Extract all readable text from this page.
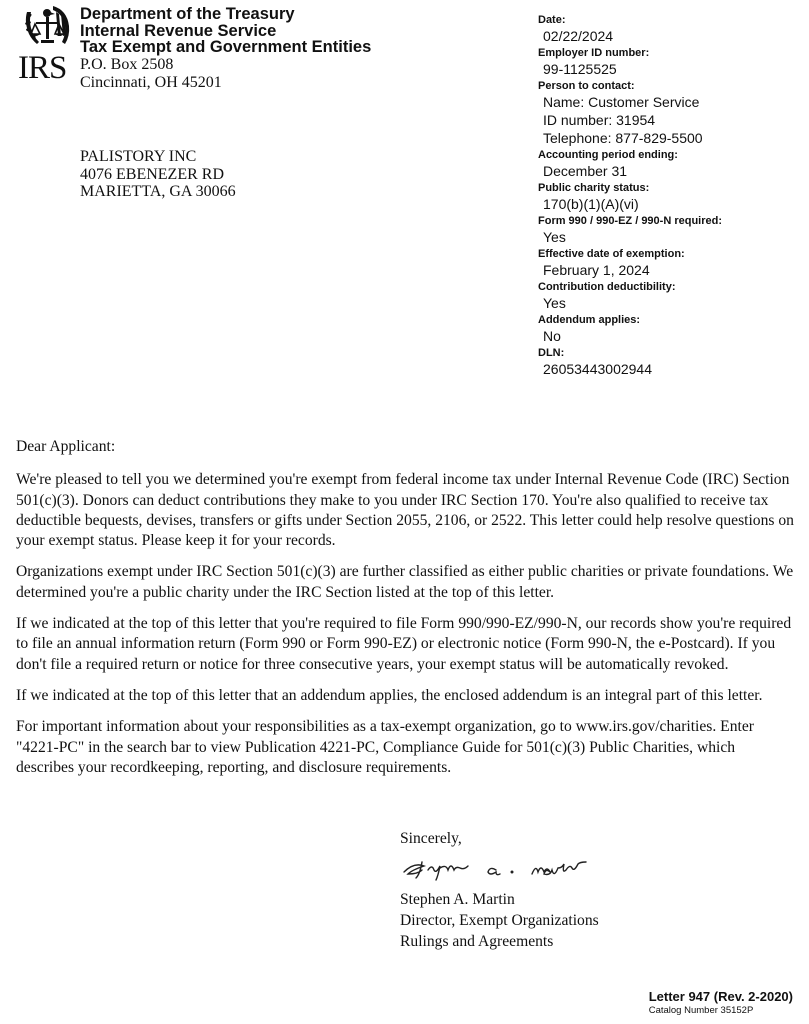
IRS
Department of the Treasury
Internal Revenue Service
Tax Exempt and Government Entities
P.O. Box 2508
Cincinnati, OH 45201
PALISTORY INC
4076 EBENEZER RD
MARIETTA, GA 30066
Date:
02/22/2024
Employer ID number:
99-1125525
Person to contact:
Name: Customer Service
ID number: 31954
Telephone: 877-829-5500
Accounting period ending:
December 31
Public charity status:
170(b)(1)(A)(vi)
Form 990 / 990-EZ / 990-N required:
Yes
Effective date of exemption:
February 1, 2024
Contribution deductibility:
Yes
Addendum applies:
No
DLN:
26053443002944

Dear Applicant:

We're pleased to tell you we determined you're exempt from federal income tax under Internal Revenue Code (IRC) Section 501(c)(3). Donors can deduct contributions they make to you under IRC Section 170. You're also qualified to receive tax deductible bequests, devises, transfers or gifts under Section 2055, 2106, or 2522. This letter could help resolve questions on your exempt status. Please keep it for your records.

Organizations exempt under IRC Section 501(c)(3) are further classified as either public charities or private foundations. We determined you're a public charity under the IRC Section listed at the top of this letter.

If we indicated at the top of this letter that you're required to file Form 990/990-EZ/990-N, our records show you're required to file an annual information return (Form 990 or Form 990-EZ) or electronic notice (Form 990-N, the e-Postcard). If you don't file a required return or notice for three consecutive years, your exempt status will be automatically revoked.

If we indicated at the top of this letter that an addendum applies, the enclosed addendum is an integral part of this letter.

For important information about your responsibilities as a tax-exempt organization, go to www.irs.gov/charities. Enter "4221-PC" in the search bar to view Publication 4221-PC, Compliance Guide for 501(c)(3) Public Charities, which describes your recordkeeping, reporting, and disclosure requirements.

Sincerely,
Stephen A. Martin
Director, Exempt Organizations
Rulings and Agreements
Letter 947 (Rev. 2-2020)
Catalog Number 35152P
